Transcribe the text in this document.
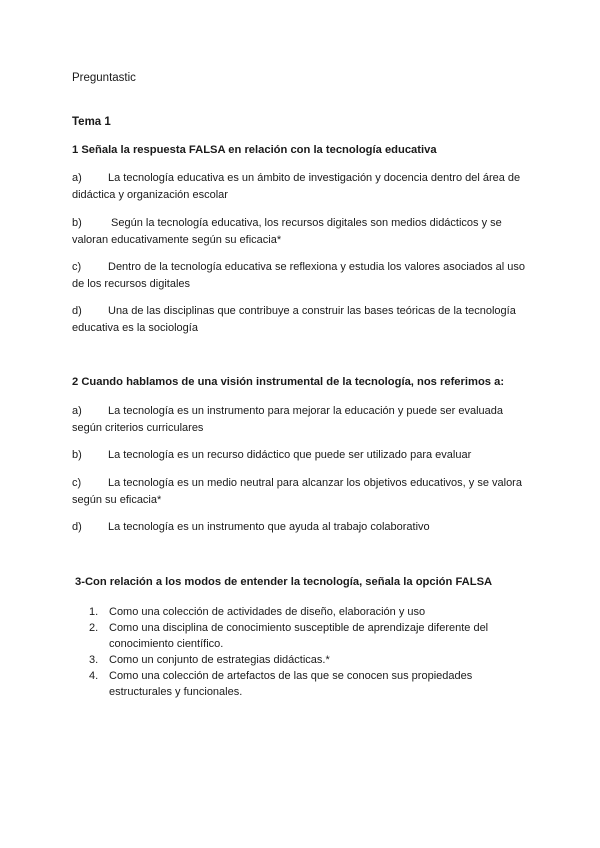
Preguntastic
Tema 1
1 Señala la respuesta FALSA en relación con la tecnología educativa
a) La tecnología educativa es un ámbito de investigación y docencia dentro del área de didáctica y organización escolar
b) Según la tecnología educativa, los recursos digitales son medios didácticos y se valoran educativamente según su eficacia*
c) Dentro de la tecnología educativa se reflexiona y estudia los valores asociados al uso de los recursos digitales
d) Una de las disciplinas que contribuye a construir las bases teóricas de la tecnología educativa es la sociología
2 Cuando hablamos de una visión instrumental de la tecnología, nos referimos a:
a) La tecnología es un instrumento para mejorar la educación y puede ser evaluada según criterios curriculares
b) La tecnología es un recurso didáctico que puede ser utilizado para evaluar
c) La tecnología es un medio neutral para alcanzar los objetivos educativos, y se valora según su eficacia*
d) La tecnología es un instrumento que ayuda al trabajo colaborativo
3-Con relación a los modos de entender la tecnología, señala la opción FALSA
1. Como una colección de actividades de diseño, elaboración y uso
2. Como una disciplina de conocimiento susceptible de aprendizaje diferente del conocimiento científico.
3. Como un conjunto de estrategias didácticas.*
4. Como una colección de artefactos de las que se conocen sus propiedades estructurales y funcionales.
